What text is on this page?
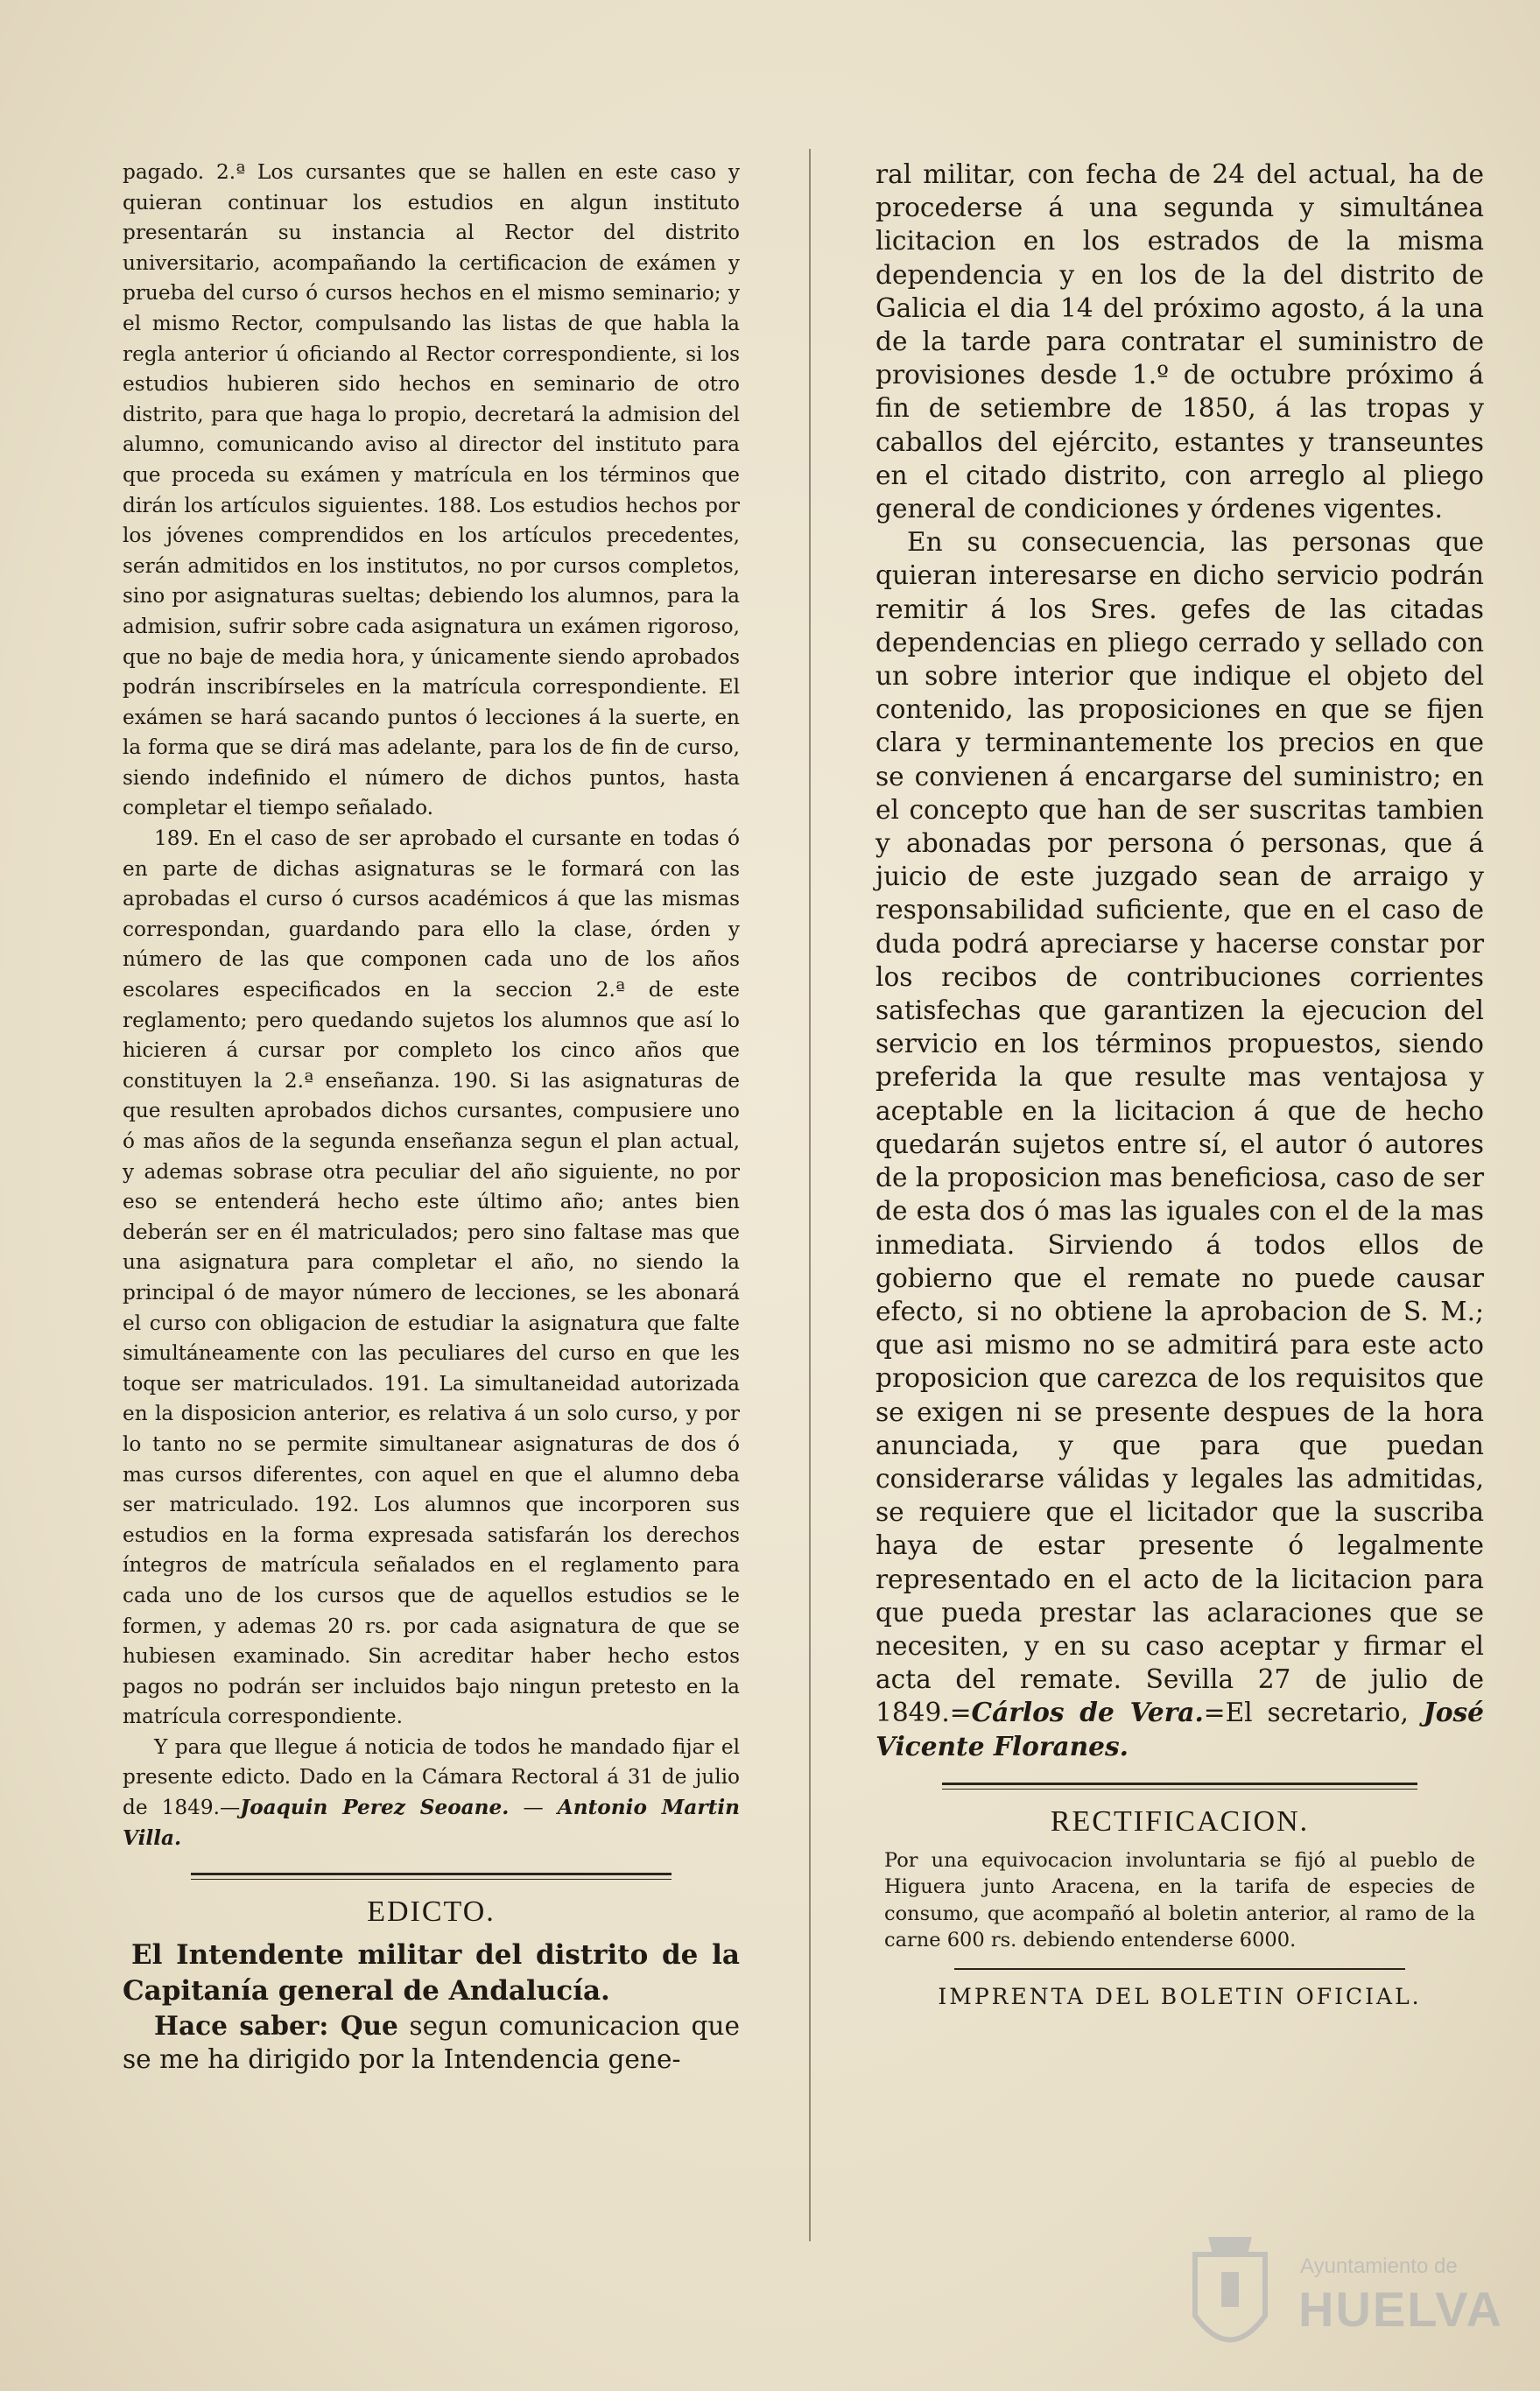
pagado. 2.ª Los cursantes que se hallen en este caso y quieran continuar los estudios en algun instituto presentarán su instancia al Rector del distrito universitario, acompañando la certificacion de exámen y prueba del curso ó cursos hechos en el mismo seminario; y el mismo Rector, compulsando las listas de que habla la regla anterior ú oficiando al Rector correspondiente, si los estudios hubieren sido hechos en seminario de otro distrito, para que haga lo propio, decretará la admision del alumno, comunicando aviso al director del instituto para que proceda su exámen y matrícula en los términos que dirán los artículos siguientes. 188. Los estudios hechos por los jóvenes comprendidos en los artículos precedentes, serán admitidos en los institutos, no por cursos completos, sino por asignaturas sueltas; debiendo los alumnos, para la admision, sufrir sobre cada asignatura un exámen rigoroso, que no baje de media hora, y únicamente siendo aprobados podrán inscribírseles en la matrícula correspondiente. El exámen se hará sacando puntos ó lecciones á la suerte, en la forma que se dirá mas adelante, para los de fin de curso, siendo indefinido el número de dichos puntos, hasta completar el tiempo señalado.

189. En el caso de ser aprobado el cursante en todas ó en parte de dichas asignaturas se le formará con las aprobadas el curso ó cursos académicos á que las mismas correspondan, guardando para ello la clase, órden y número de las que componen cada uno de los años escolares especificados en la seccion 2.ª de este reglamento; pero quedando sujetos los alumnos que así lo hicieren á cursar por completo los cinco años que constituyen la 2.ª enseñanza. 190. Si las asignaturas de que resulten aprobados dichos cursantes, compusiere uno ó mas años de la segunda enseñanza segun el plan actual, y ademas sobrase otra peculiar del año siguiente, no por eso se entenderá hecho este último año; antes bien deberán ser en él matriculados; pero sino faltase mas que una asignatura para completar el año, no siendo la principal ó de mayor número de lecciones, se les abonará el curso con obligacion de estudiar la asignatura que falte simultáneamente con las peculiares del curso en que les toque ser matriculados. 191. La simultaneidad autorizada en la disposicion anterior, es relativa á un solo curso, y por lo tanto no se permite simultanear asignaturas de dos ó mas cursos diferentes, con aquel en que el alumno deba ser matriculado. 192. Los alumnos que incorporen sus estudios en la forma expresada satisfarán los derechos íntegros de matrícula señalados en el reglamento para cada uno de los cursos que de aquellos estudios se le formen, y ademas 20 rs. por cada asignatura de que se hubiesen examinado. Sin acreditar haber hecho estos pagos no podrán ser incluidos bajo ningun pretesto en la matrícula correspondiente.

Y para que llegue á noticia de todos he mandado fijar el presente edicto. Dado en la Cámara Rectoral á 31 de julio de 1849.—Joaquin Perez Seoane. — Antonio Martin Villa.

EDICTO.

El Intendente militar del distrito de la Capitanía general de Andalucía.

Hace saber: Que segun comunicacion que se me ha dirigido por la Intendencia gene-

ral militar, con fecha de 24 del actual, ha de procederse á una segunda y simultánea licitacion en los estrados de la misma dependencia y en los de la del distrito de Galicia el dia 14 del próximo agosto, á la una de la tarde para contratar el suministro de provisiones desde 1.º de octubre próximo á fin de setiembre de 1850, á las tropas y caballos del ejército, estantes y transeuntes en el citado distrito, con arreglo al pliego general de condiciones y órdenes vigentes.

En su consecuencia, las personas que quieran interesarse en dicho servicio podrán remitir á los Sres. gefes de las citadas dependencias en pliego cerrado y sellado con un sobre interior que indique el objeto del contenido, las proposiciones en que se fijen clara y terminantemente los precios en que se convienen á encargarse del suministro; en el concepto que han de ser suscritas tambien y abonadas por persona ó personas, que á juicio de este juzgado sean de arraigo y responsabilidad suficiente, que en el caso de duda podrá apreciarse y hacerse constar por los recibos de contribuciones corrientes satisfechas que garantizen la ejecucion del servicio en los términos propuestos, siendo preferida la que resulte mas ventajosa y aceptable en la licitacion á que de hecho quedarán sujetos entre sí, el autor ó autores de la proposicion mas beneficiosa, caso de ser de esta dos ó mas las iguales con el de la mas inmediata. Sirviendo á todos ellos de gobierno que el remate no puede causar efecto, si no obtiene la aprobacion de S. M.; que asi mismo no se admitirá para este acto proposicion que carezca de los requisitos que se exigen ni se presente despues de la hora anunciada, y que para que puedan considerarse válidas y legales las admitidas, se requiere que el licitador que la suscriba haya de estar presente ó legalmente representado en el acto de la licitacion para que pueda prestar las aclaraciones que se necesiten, y en su caso aceptar y firmar el acta del remate. Sevilla 27 de julio de 1849.=Cárlos de Vera.=El secretario, José Vicente Floranes.

RECTIFICACION.

Por una equivocacion involuntaria se fijó al pueblo de Higuera junto Aracena, en la tarifa de especies de consumo, que acompañó al boletin anterior, al ramo de la carne 600 rs. debiendo entenderse 6000.

IMPRENTA DEL BOLETIN OFICIAL.
Ayuntamiento de
HUELVA
